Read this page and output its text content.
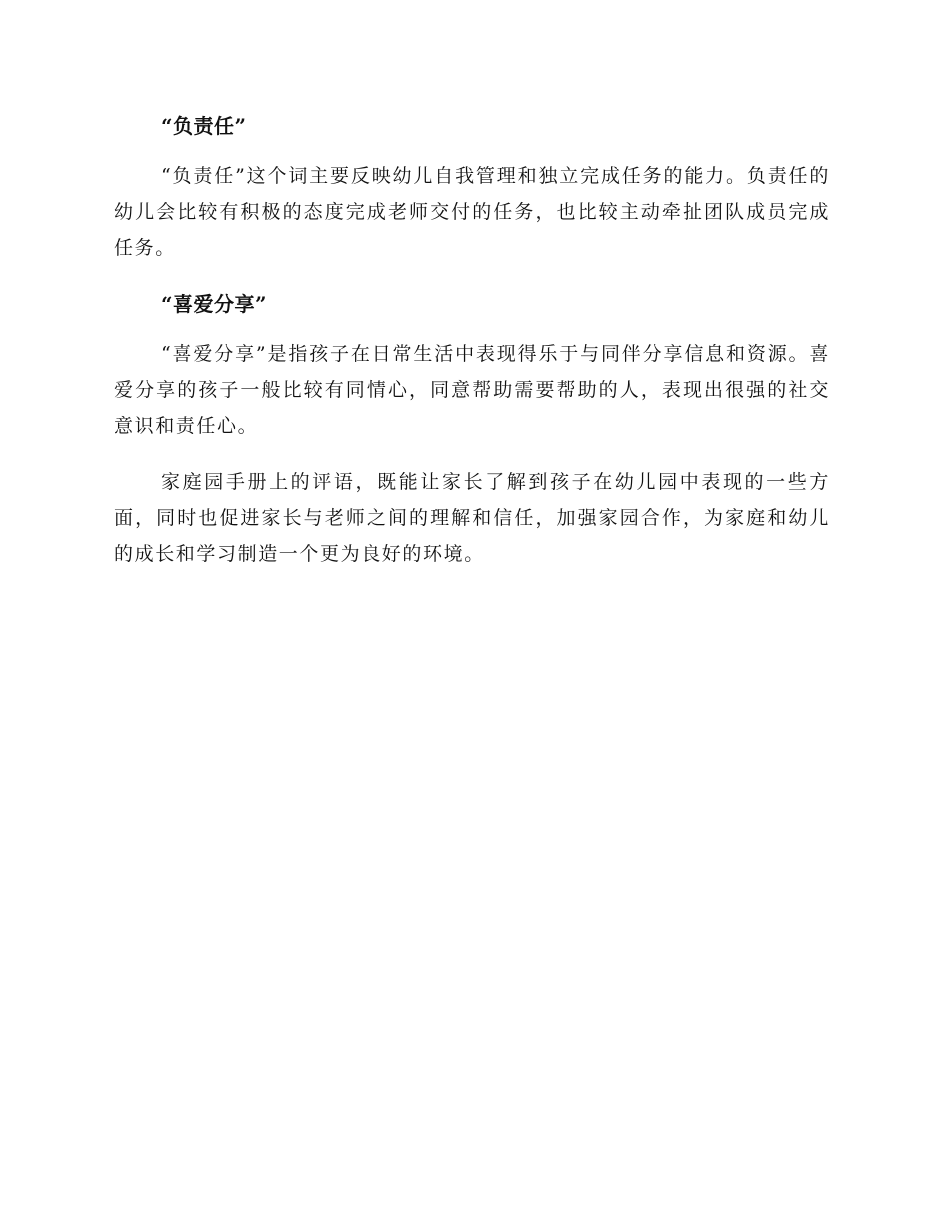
“负责任”

“负责任”这个词主要反映幼儿自我管理和独立完成任务的能力。负责任的幼儿会比较有积极的态度完成老师交付的任务，也比较主动牵扯团队成员完成任务。

“喜爱分享”

“喜爱分享”是指孩子在日常生活中表现得乐于与同伴分享信息和资源。喜爱分享的孩子一般比较有同情心，同意帮助需要帮助的人，表现出很强的社交意识和责任心。

家庭园手册上的评语，既能让家长了解到孩子在幼儿园中表现的一些方面，同时也促进家长与老师之间的理解和信任，加强家园合作，为家庭和幼儿的成长和学习制造一个更为良好的环境。
